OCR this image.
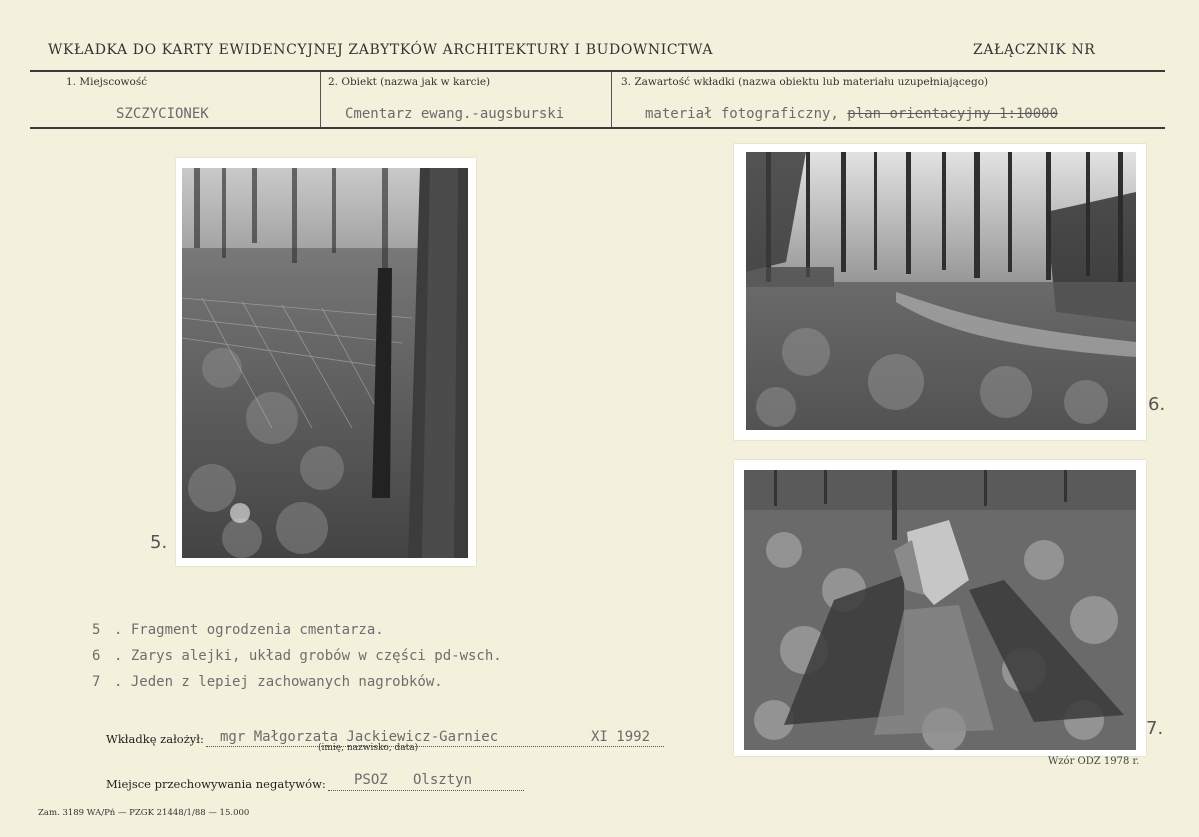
WKŁADKA DO KARTY EWIDENCYJNEJ ZABYTKÓW ARCHITEKTURY I BUDOWNICTWA	ZAŁĄCZNIK NR
1. Miejscowość
SZCZYCIONEK
2. Obiekt (nazwa jak w karcie)
Cmentarz ewang.-augsburski
3. Zawartość wkładki (nazwa obiektu lub materiału uzupełniającego)
materiał fotograficzny, plan orientacyjny 1:10000
5.
6.
7.
5 . Fragment ogrodzenia cmentarza.
6 . Zarys alejki, układ grobów w części pd-wsch.
7 . Jeden z lepiej zachowanych nagrobków.
Wkładkę założył: mgr Małgorzata Jackiewicz-Garniec	XI 1992
(imię, nazwisko, data)
Miejsce przechowywania negatywów: PSOZ   Olsztyn
Wzór ODZ 1978 r.
Zam. 3189 WA/Pń — PZGK 21448/1/88 — 15.000
